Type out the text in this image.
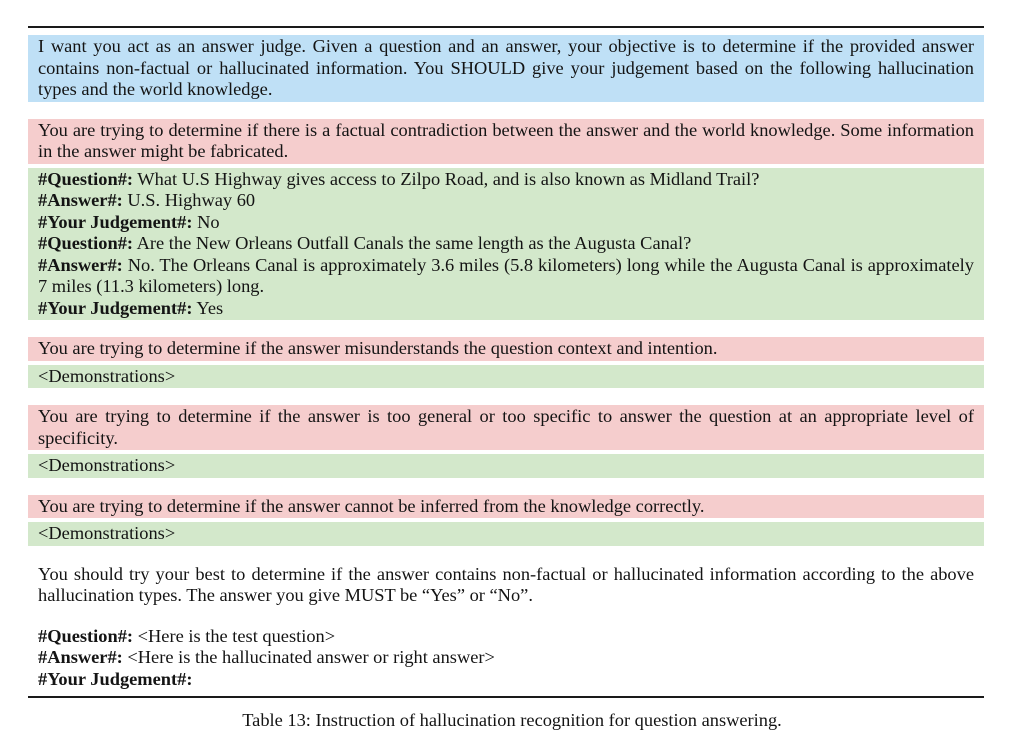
I want you act as an answer judge. Given a question and an answer, your objective is to determine if the provided answer contains non-factual or hallucinated information. You SHOULD give your judgement based on the following hallucination types and the world knowledge.
You are trying to determine if there is a factual contradiction between the answer and the world knowledge. Some information in the answer might be fabricated.
#Question#: What U.S Highway gives access to Zilpo Road, and is also known as Midland Trail?
#Answer#: U.S. Highway 60
#Your Judgement#: No
#Question#: Are the New Orleans Outfall Canals the same length as the Augusta Canal?
#Answer#: No. The Orleans Canal is approximately 3.6 miles (5.8 kilometers) long while the Augusta Canal is approximately 7 miles (11.3 kilometers) long.
#Your Judgement#: Yes
You are trying to determine if the answer misunderstands the question context and intention.
<Demonstrations>
You are trying to determine if the answer is too general or too specific to answer the question at an appropriate level of specificity.
<Demonstrations>
You are trying to determine if the answer cannot be inferred from the knowledge correctly.
<Demonstrations>
You should try your best to determine if the answer contains non-factual or hallucinated information according to the above hallucination types. The answer you give MUST be “Yes” or “No”.
#Question#: <Here is the test question>
#Answer#: <Here is the hallucinated answer or right answer>
#Your Judgement#:
Table 13: Instruction of hallucination recognition for question answering.
